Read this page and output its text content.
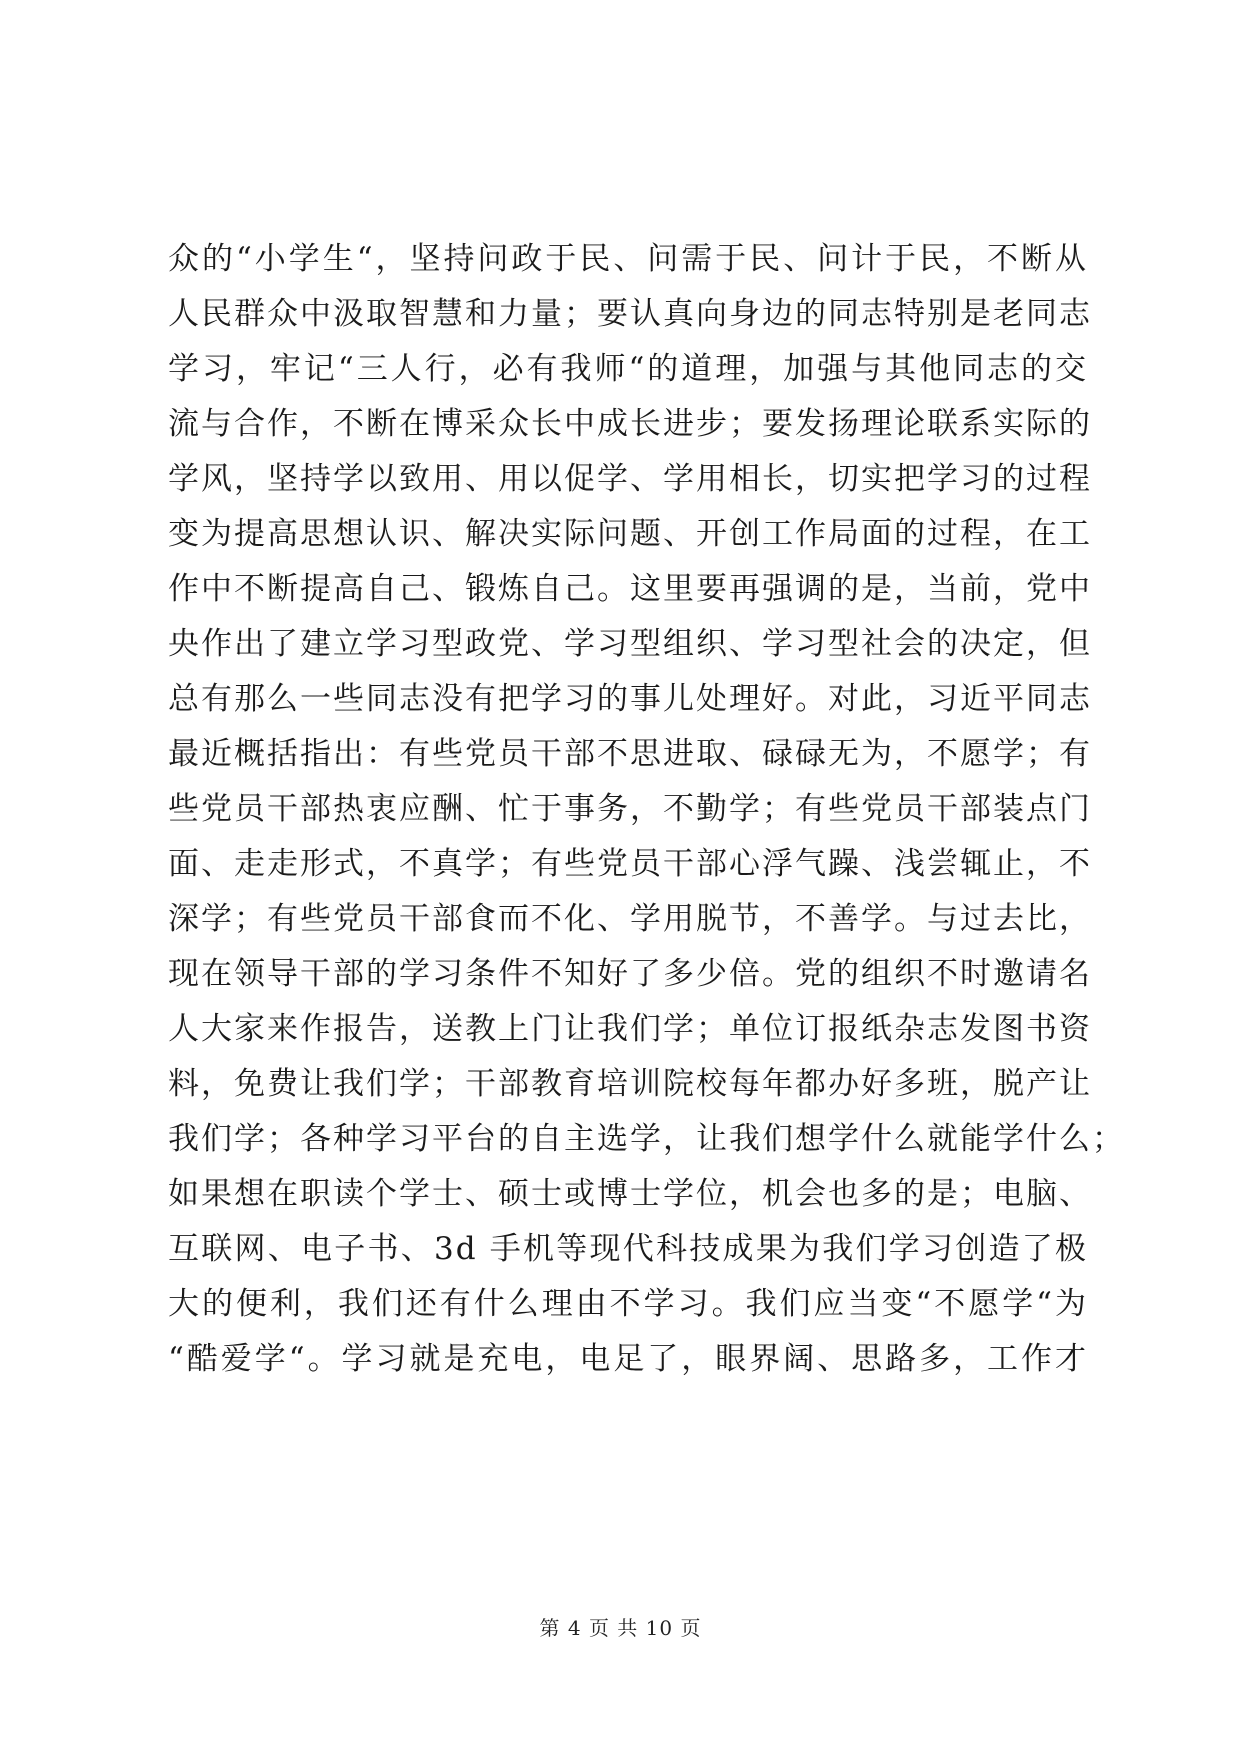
众的“小学生“，坚持问政于民、问需于民、问计于民，不断从
人民群众中汲取智慧和力量；要认真向身边的同志特别是老同志
学习，牢记“三人行，必有我师“的道理，加强与其他同志的交
流与合作，不断在博采众长中成长进步；要发扬理论联系实际的
学风，坚持学以致用、用以促学、学用相长，切实把学习的过程
变为提高思想认识、解决实际问题、开创工作局面的过程，在工
作中不断提高自己、锻炼自己。这里要再强调的是，当前，党中
央作出了建立学习型政党、学习型组织、学习型社会的决定，但
总有那么一些同志没有把学习的事儿处理好。对此，习近平同志
最近概括指出：有些党员干部不思进取、碌碌无为，不愿学；有
些党员干部热衷应酬、忙于事务，不勤学；有些党员干部装点门
面、走走形式，不真学；有些党员干部心浮气躁、浅尝辄止，不
深学；有些党员干部食而不化、学用脱节，不善学。与过去比，
现在领导干部的学习条件不知好了多少倍。党的组织不时邀请名
人大家来作报告，送教上门让我们学；单位订报纸杂志发图书资
料，免费让我们学；干部教育培训院校每年都办好多班，脱产让
我们学；各种学习平台的自主选学，让我们想学什么就能学什么；
如果想在职读个学士、硕士或博士学位，机会也多的是；电脑、
互联网、电子书、3d 手机等现代科技成果为我们学习创造了极
大的便利，我们还有什么理由不学习。我们应当变“不愿学“为
“酷爱学“。学习就是充电，电足了，眼界阔、思路多，工作才
第 4 页 共 10 页
